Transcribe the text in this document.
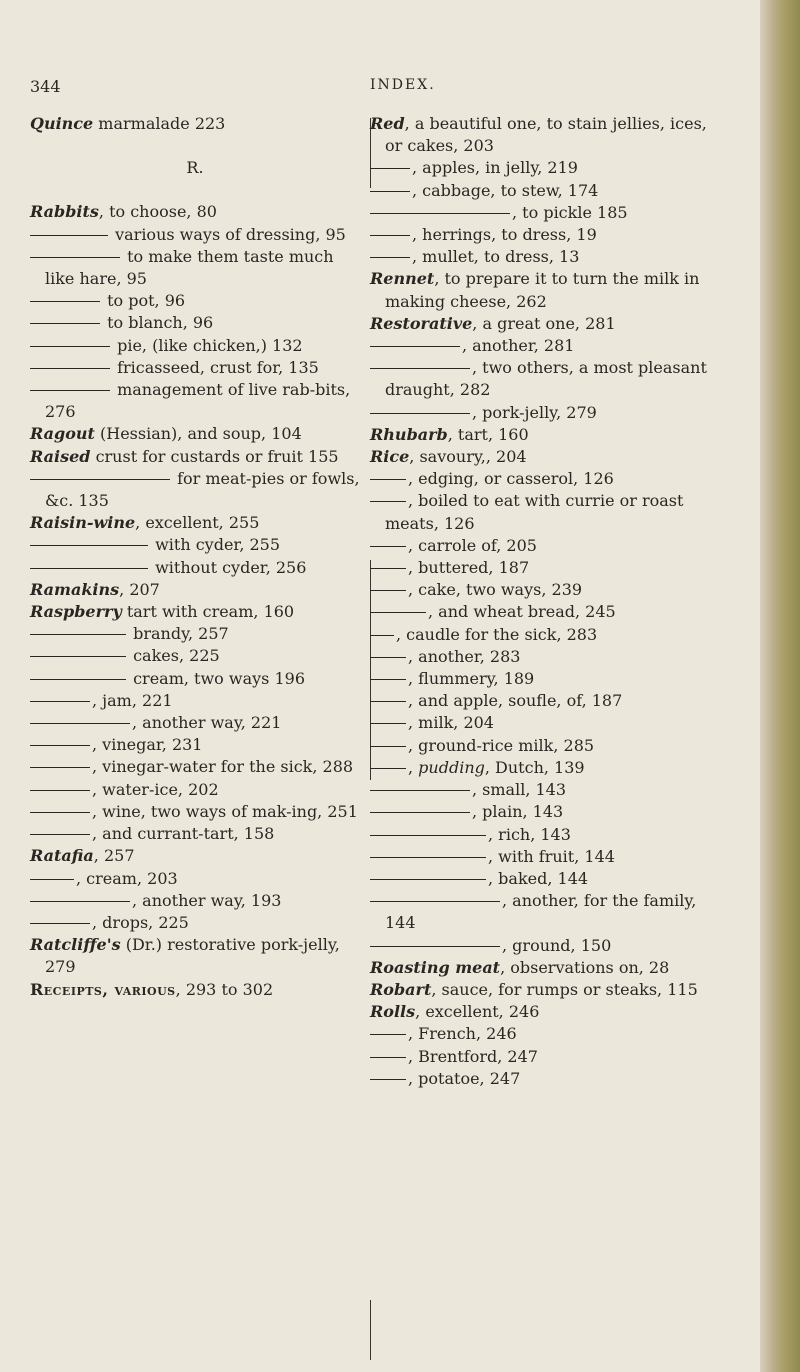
344	INDEX.

Quince marmalade 223

R.

Rabbits, to choose, 80

various ways of dressing, 95

to make them taste much like hare, 95

to pot, 96

to blanch, 96

pie, (like chicken,) 132

fricasseed, crust for, 135

management of live rab-bits, 276

Ragout (Hessian), and soup, 104

Raised crust for custards or fruit 155

for meat-pies or fowls, &c. 135

Raisin-wine, excellent, 255

with cyder, 255

without cyder, 256

Ramakins, 207

Raspberry tart with cream, 160

brandy, 257

cakes, 225

cream, two ways 196

, jam, 221

, another way, 221

, vinegar, 231

, vinegar-water for the sick, 288

, water-ice, 202

, wine, two ways of mak-ing, 251

, and currant-tart, 158

Ratafia, 257

, cream, 203

, another way, 193

, drops, 225

Ratcliffe's (Dr.) restorative pork-jelly, 279

Receipts, various, 293 to 302

Red, a beautiful one, to stain jellies, ices, or cakes, 203

, apples, in jelly, 219

, cabbage, to stew, 174

, to pickle 185

, herrings, to dress, 19

, mullet, to dress, 13

Rennet, to prepare it to turn the milk in making cheese, 262

Restorative, a great one, 281

, another, 281

, two others, a most pleasant draught, 282

, pork-jelly, 279

Rhubarb, tart, 160

Rice, savoury,, 204

, edging, or casserol, 126

, boiled to eat with currie or roast meats, 126

, carrole of, 205

, buttered, 187

, cake, two ways, 239

, and wheat bread, 245

, caudle for the sick, 283

, another, 283

, flummery, 189

, and apple, soufle, of, 187

, milk, 204

, ground-rice milk, 285

, pudding, Dutch, 139

, small, 143

, plain, 143

, rich, 143

, with fruit, 144

, baked, 144

, another, for the family, 144

, ground, 150

Roasting meat, observations on, 28

Robart, sauce, for rumps or steaks, 115

Rolls, excellent, 246

, French, 246

, Brentford, 247

, potatoe, 247
